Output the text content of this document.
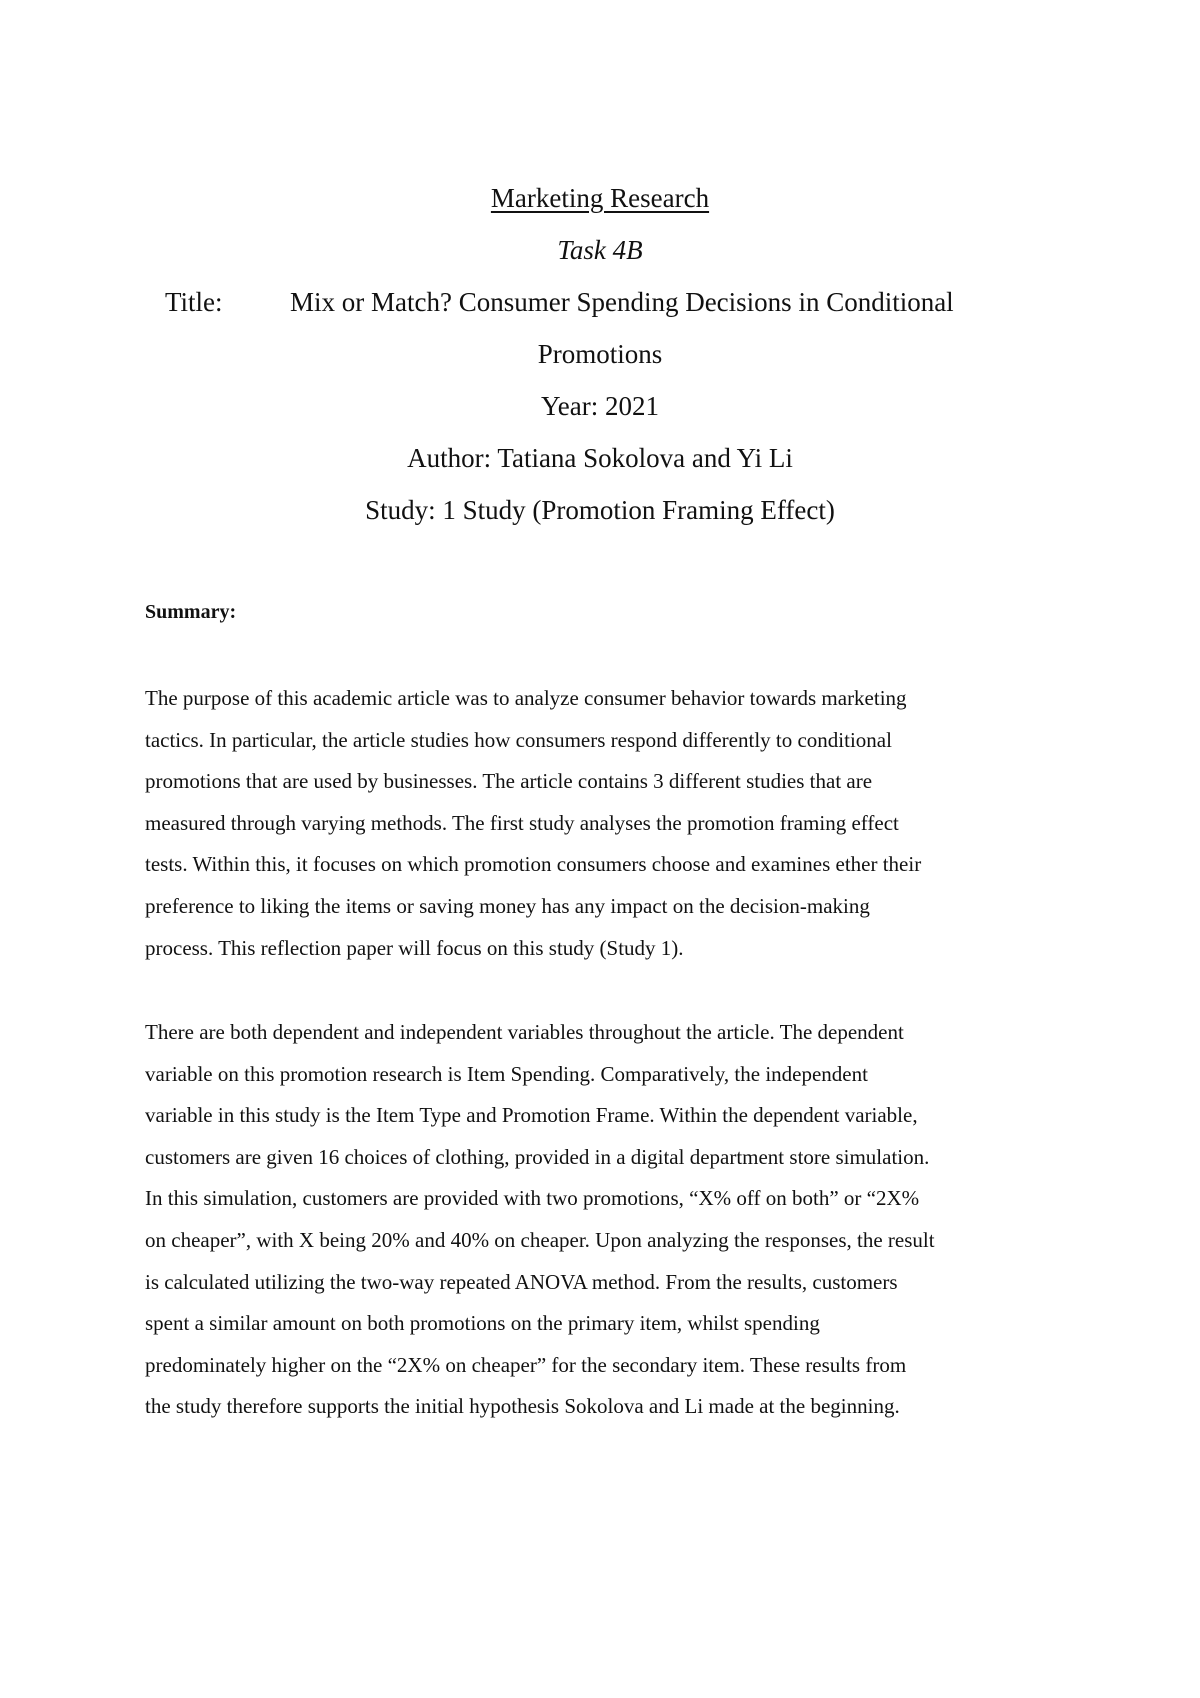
Marketing Research
Task 4B
Title: Mix or Match? Consumer Spending Decisions in Conditional
Promotions
Year: 2021
Author: Tatiana Sokolova and Yi Li
Study: 1 Study (Promotion Framing Effect)
Summary:

The purpose of this academic article was to analyze consumer behavior towards marketing
tactics. In particular, the article studies how consumers respond differently to conditional
promotions that are used by businesses. The article contains 3 different studies that are
measured through varying methods. The first study analyses the promotion framing effect
tests. Within this, it focuses on which promotion consumers choose and examines ether their
preference to liking the items or saving money has any impact on the decision-making
process. This reflection paper will focus on this study (Study 1).

There are both dependent and independent variables throughout the article. The dependent
variable on this promotion research is Item Spending. Comparatively, the independent
variable in this study is the Item Type and Promotion Frame. Within the dependent variable,
customers are given 16 choices of clothing, provided in a digital department store simulation.
In this simulation, customers are provided with two promotions, “X% off on both” or “2X%
on cheaper”, with X being 20% and 40% on cheaper. Upon analyzing the responses, the result
is calculated utilizing the two-way repeated ANOVA method. From the results, customers
spent a similar amount on both promotions on the primary item, whilst spending
predominately higher on the “2X% on cheaper” for the secondary item. These results from
the study therefore supports the initial hypothesis Sokolova and Li made at the beginning.
